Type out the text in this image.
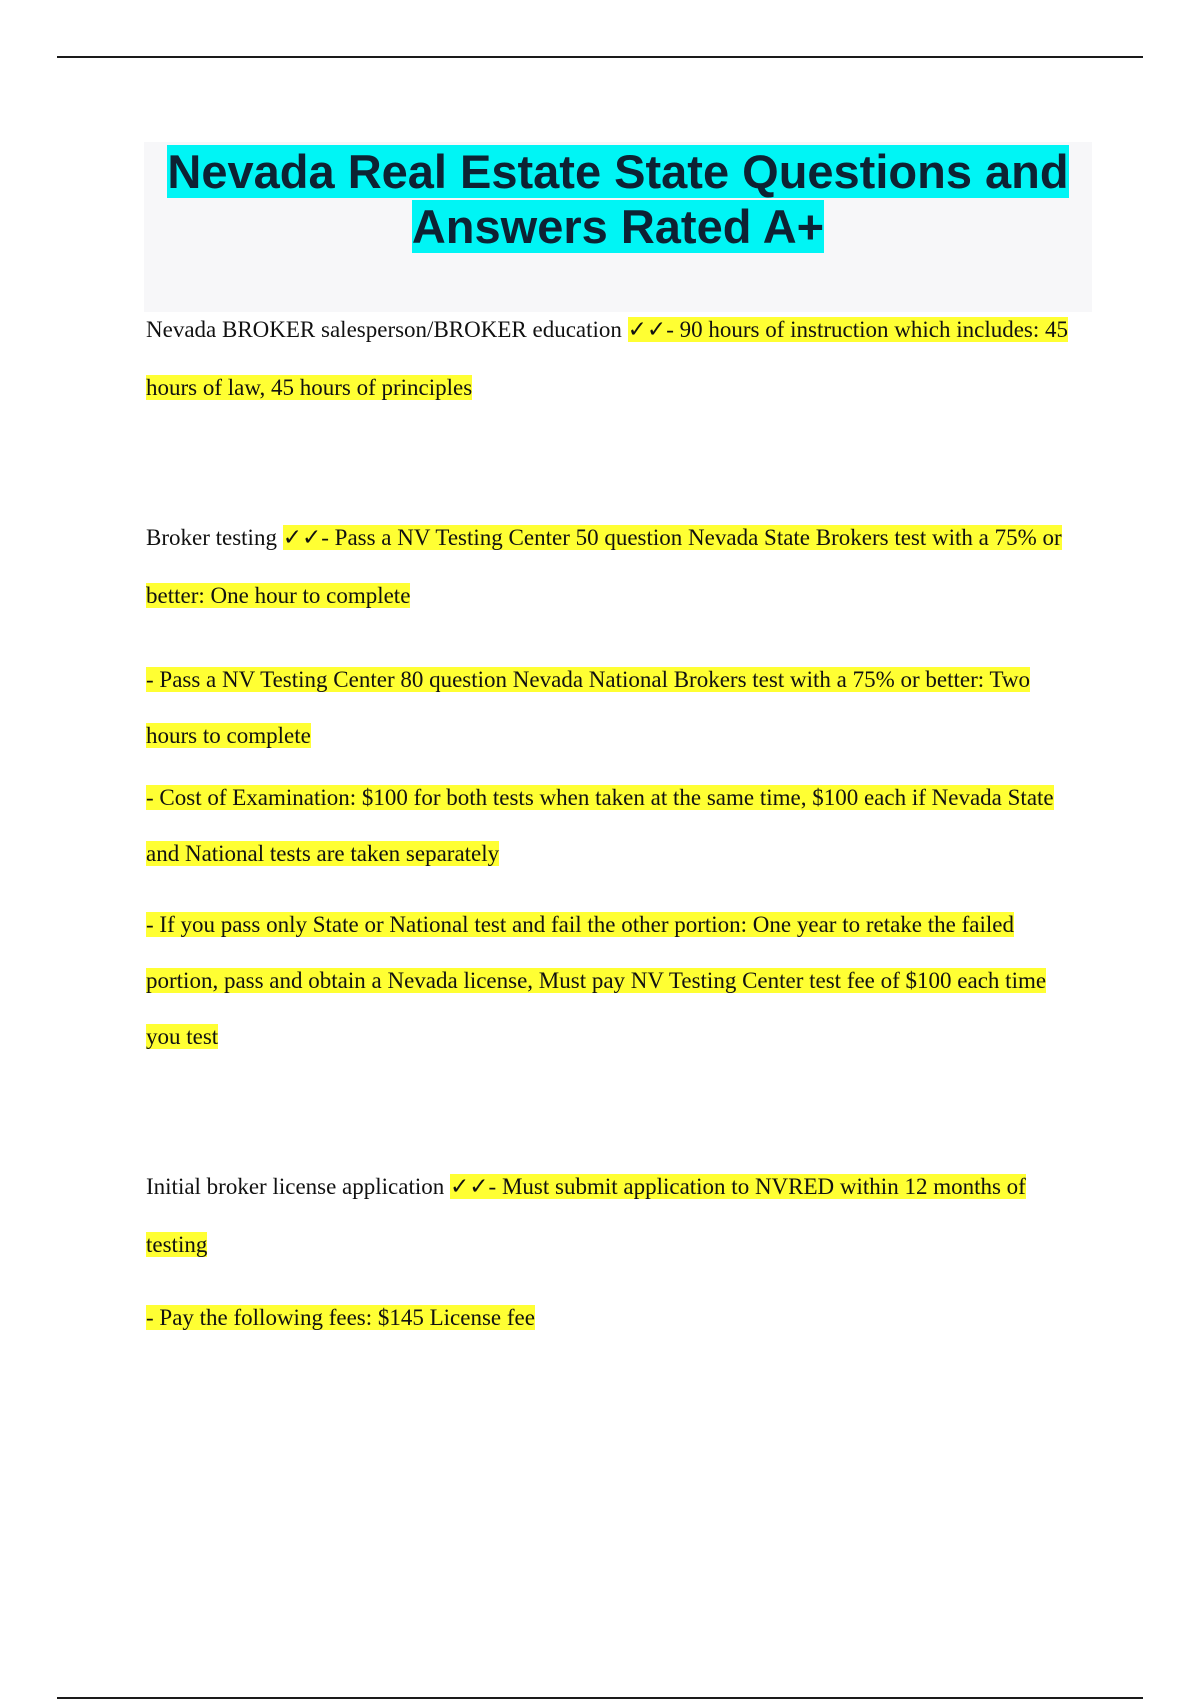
Nevada Real Estate State Questions and Answers Rated A+

Nevada BROKER salesperson/BROKER education ✓✓- 90 hours of instruction which includes: 45 hours of law, 45 hours of principles

Broker testing ✓✓- Pass a NV Testing Center 50 question Nevada State Brokers test with a 75% or better: One hour to complete

- Pass a NV Testing Center 80 question Nevada National Brokers test with a 75% or better: Two hours to complete

- Cost of Examination: $100 for both tests when taken at the same time, $100 each if Nevada State and National tests are taken separately

- If you pass only State or National test and fail the other portion: One year to retake the failed portion, pass and obtain a Nevada license, Must pay NV Testing Center test fee of $100 each time you test

Initial broker license application ✓✓- Must submit application to NVRED within 12 months of testing

- Pay the following fees: $145 License fee
